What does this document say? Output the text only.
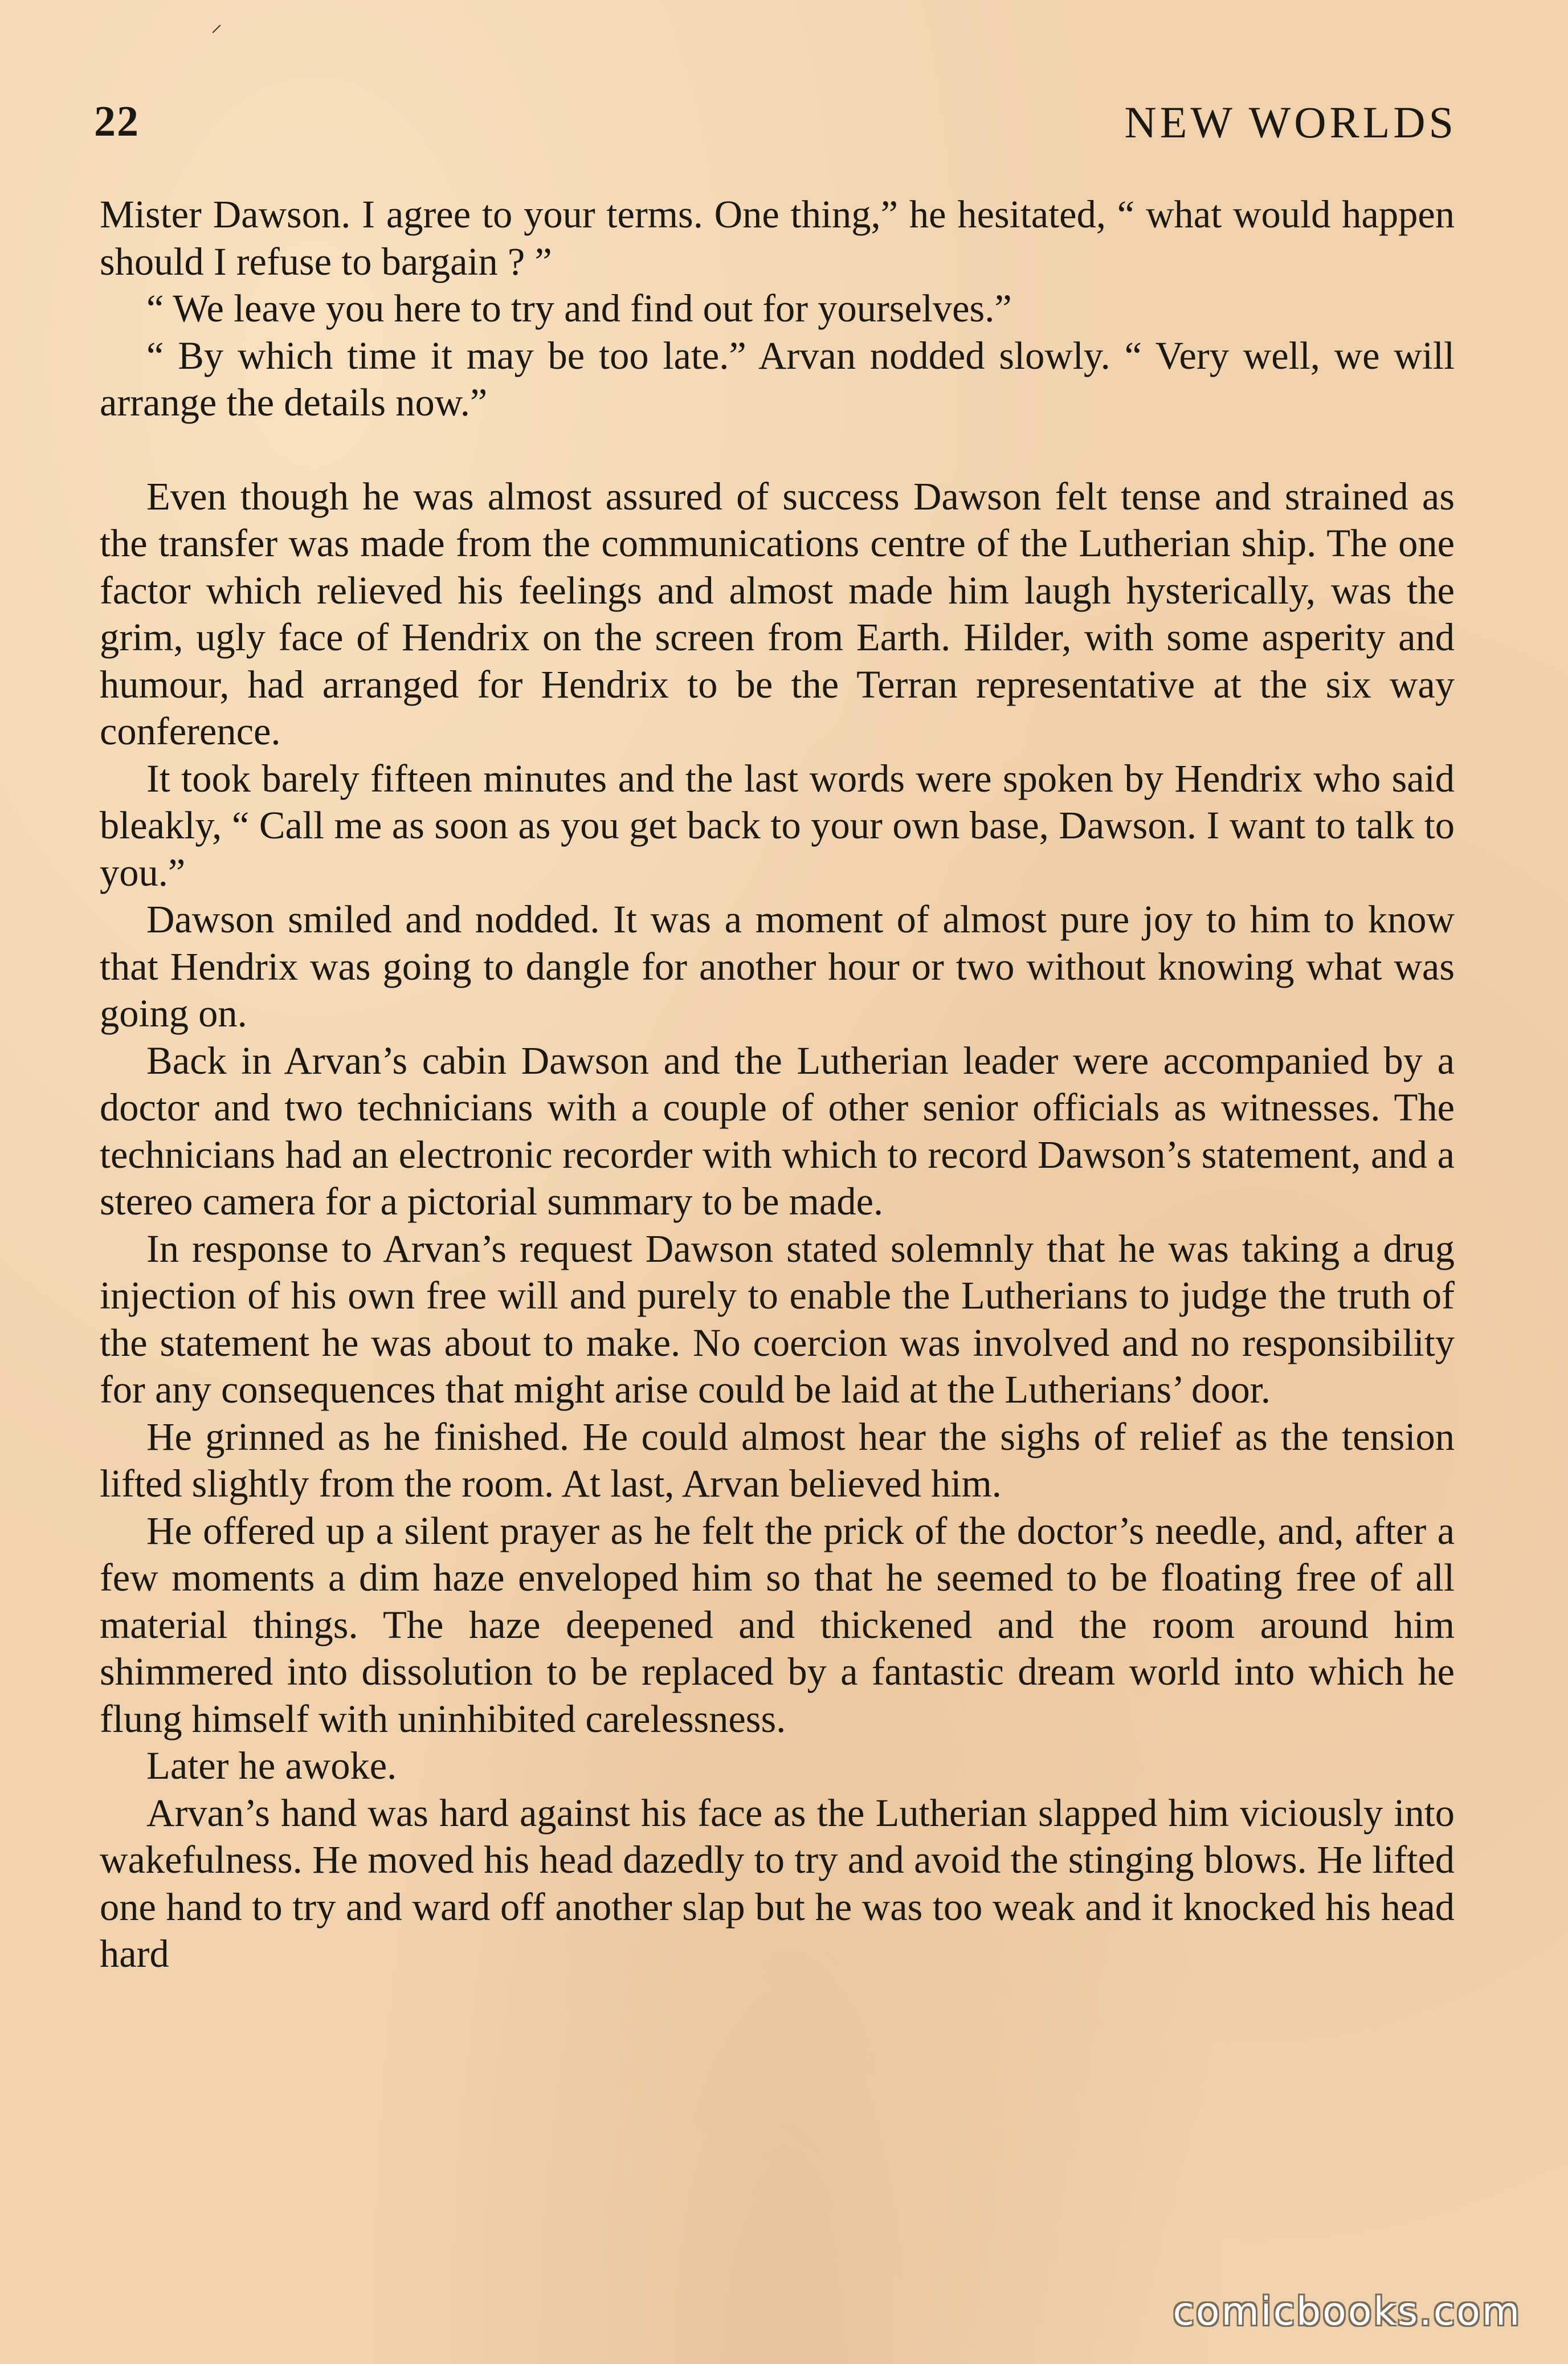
⸝
22	NEW WORLDS

Mister Dawson. I agree to your terms. One thing,” he hesitated, “ what would happen should I refuse to bargain ? ”

“ We leave you here to try and find out for yourselves.”

“ By which time it may be too late.” Arvan nodded slowly. “ Very well, we will arrange the details now.”

Even though he was almost assured of success Dawson felt tense and strained as the transfer was made from the communications centre of the Lutherian ship. The one factor which relieved his feelings and almost made him laugh hysterically, was the grim, ugly face of Hendrix on the screen from Earth. Hilder, with some asperity and humour, had arranged for Hendrix to be the Terran representative at the six way conference.

It took barely fifteen minutes and the last words were spoken by Hendrix who said bleakly, “ Call me as soon as you get back to your own base, Dawson. I want to talk to you.”

Dawson smiled and nodded. It was a moment of almost pure joy to him to know that Hendrix was going to dangle for another hour or two without knowing what was going on.

Back in Arvan’s cabin Dawson and the Lutherian leader were accompanied by a doctor and two technicians with a couple of other senior officials as witnesses. The technicians had an electronic recorder with which to record Dawson’s statement, and a stereo camera for a pictorial summary to be made.

In response to Arvan’s request Dawson stated solemnly that he was taking a drug injection of his own free will and purely to enable the Lutherians to judge the truth of the statement he was about to make. No coercion was involved and no responsibility for any consequences that might arise could be laid at the Lutherians’ door.

He grinned as he finished. He could almost hear the sighs of relief as the tension lifted slightly from the room. At last, Arvan believed him.

He offered up a silent prayer as he felt the prick of the doctor’s needle, and, after a few moments a dim haze enveloped him so that he seemed to be floating free of all material things. The haze deepened and thickened and the room around him shimmered into dissolution to be replaced by a fantastic dream world into which he flung himself with uninhibited carelessness.

Later he awoke.

Arvan’s hand was hard against his face as the Lutherian slapped him viciously into wakefulness. He moved his head dazedly to try and avoid the stinging blows. He lifted one hand to try and ward off another slap but he was too weak and it knocked his head hard

comicbooks.com
